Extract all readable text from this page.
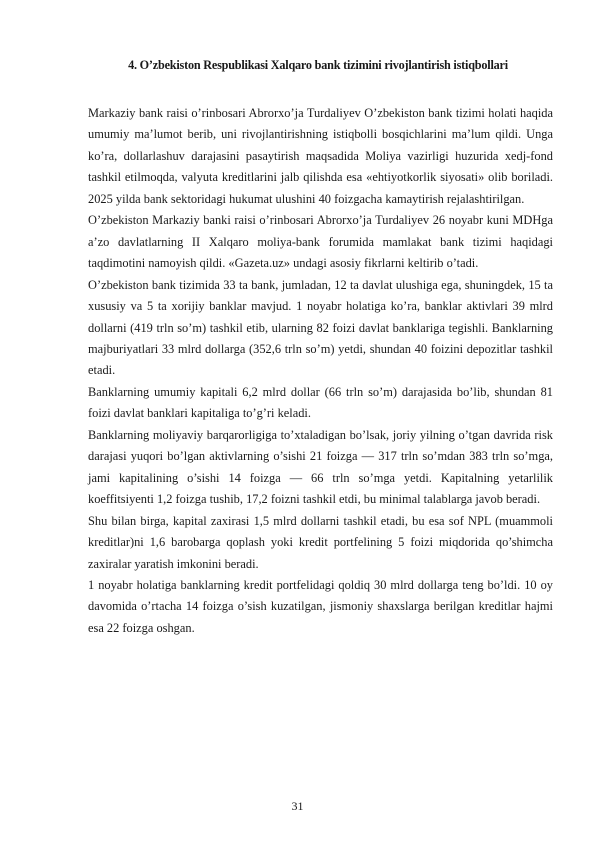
4. O’zbekiston Respublikasi Xalqaro bank tizimini rivojlantirish istiqbollari

Markaziy bank raisi o’rinbosari Abrorxo’ja Turdaliyev O’zbekiston bank tizimi holati haqida umumiy ma’lumot berib, uni rivojlantirishning istiqbolli bosqichlarini ma’lum qildi. Unga ko’ra, dollarlashuv darajasini pasaytirish maqsadida Moliya vazirligi huzurida xedj-fond tashkil etilmoqda, valyuta kreditlarini jalb qilishda esa «ehtiyotkorlik siyosati» olib boriladi. 2025 yilda bank sektoridagi hukumat ulushini 40 foizgacha kamaytirish rejalashtirilgan.

O’zbekiston Markaziy banki raisi o’rinbosari Abrorxo’ja Turdaliyev 26 noyabr kuni MDHga a’zo davlatlarning II Xalqaro moliya-bank forumida mamlakat bank tizimi haqidagi taqdimotini namoyish qildi. «Gazeta.uz» undagi asosiy fikrlarni keltirib o’tadi.

O’zbekiston bank tizimida 33 ta bank, jumladan, 12 ta davlat ulushiga ega, shuningdek, 15 ta xususiy va 5 ta xorijiy banklar mavjud. 1 noyabr holatiga ko’ra, banklar aktivlari 39 mlrd dollarni (419 trln so’m) tashkil etib, ularning 82 foizi davlat banklariga tegishli. Banklarning majburiyatlari 33 mlrd dollarga (352,6 trln so’m) yetdi, shundan 40 foizini depozitlar tashkil etadi.

Banklarning umumiy kapitali 6,2 mlrd dollar (66 trln so’m) darajasida bo’lib, shundan 81 foizi davlat banklari kapitaliga to’g’ri keladi.

Banklarning moliyaviy barqarorligiga to’xtaladigan bo’lsak, joriy yilning o’tgan davrida risk darajasi yuqori bo’lgan aktivlarning o’sishi 21 foizga — 317 trln so’mdan 383 trln so’mga, jami kapitalining o’sishi 14 foizga — 66 trln so’mga yetdi. Kapitalning yetarlilik koeffitsiyenti 1,2 foizga tushib, 17,2 foizni tashkil etdi, bu minimal talablarga javob beradi.

Shu bilan birga, kapital zaxirasi 1,5 mlrd dollarni tashkil etadi, bu esa sof NPL (muammoli kreditlar)ni 1,6 barobarga qoplash yoki kredit portfelining 5 foizi miqdorida qo’shimcha zaxiralar yaratish imkonini beradi.

1 noyabr holatiga banklarning kredit portfelidagi qoldiq 30 mlrd dollarga teng bo’ldi. 10 oy davomida o’rtacha 14 foizga o’sish kuzatilgan, jismoniy shaxslarga berilgan kreditlar hajmi esa 22 foizga oshgan.

31
